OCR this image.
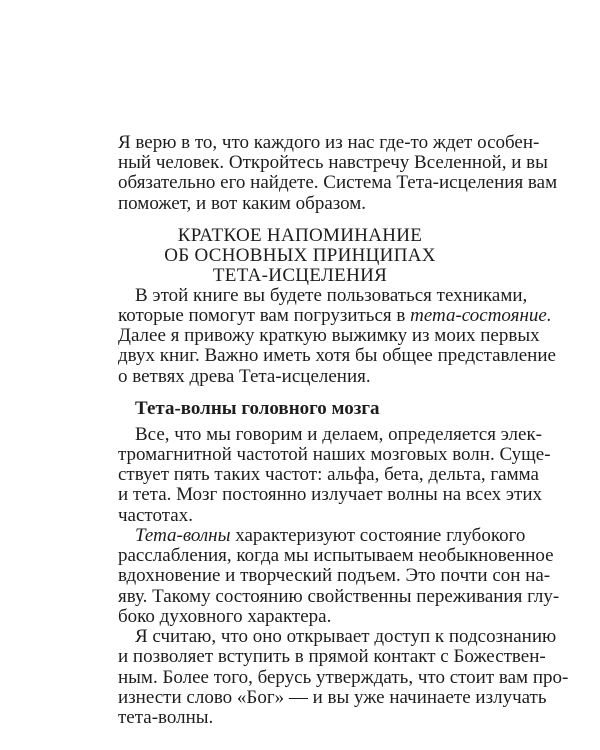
Я верю в то, что каждого из нас где-то ждет особен-
ный человек. Откройтесь навстречу Вселенной, и вы
обязательно его найдете. Система Тета-исцеления вам
поможет, и вот каким образом.
КРАТКОЕ НАПОМИНАНИЕ
ОБ ОСНОВНЫХ ПРИНЦИПАХ
ТЕТА-ИСЦЕЛЕНИЯ
В этой книге вы будете пользоваться техниками,
которые помогут вам погрузиться в тета-состояние.
Далее я привожу краткую выжимку из моих первых
двух книг. Важно иметь хотя бы общее представление
о ветвях древа Тета-исцеления.
Тета-волны головного мозга
Все, что мы говорим и делаем, определяется элек-
тромагнитной частотой наших мозговых волн. Суще-
ствует пять таких частот: альфа, бета, дельта, гамма
и тета. Мозг постоянно излучает волны на всех этих
частотах.
Тета-волны характеризуют состояние глубокого
расслабления, когда мы испытываем необыкновенное
вдохновение и творческий подъем. Это почти сон на-
яву. Такому состоянию свойственны переживания глу-
боко духовного характера.
Я считаю, что оно открывает доступ к подсознанию
и позволяет вступить в прямой контакт с Божествен-
ным. Более того, берусь утверждать, что стоит вам про-
изнести слово «Бог» — и вы уже начинаете излучать
тета-волны.
